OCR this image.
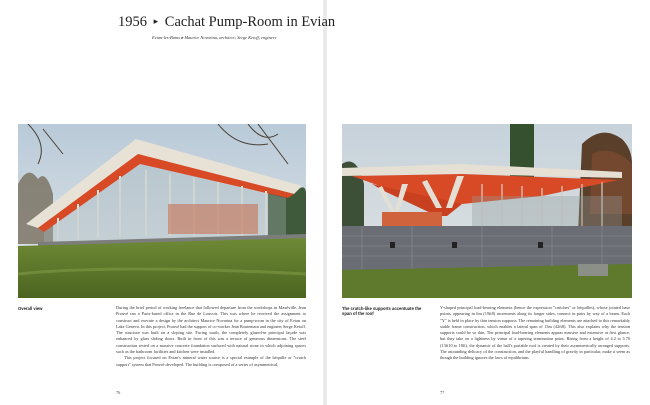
1956 ▸ Cachat Pump-Room in Evian
Evian-les-Bains ▸ Maurice Novarina, architect; Serge Ketoff, engineer
Overall view	The crutch-like supports accentuate the span of the roof

During the brief period of working freelance that followed departure from the workshops in Maxéville, Jean Prouvé ran a Paris-based office in the Rue de Louvois. This was where he received the assignment to construct and execute a design by the architect Maurice Novarina for a pump-room in the city of Evian on Lake Geneva. In this project, Prouvé had the support of co-worker Jean Boutemain and engineer Serge Ketoff. The structure was built on a sloping site. Facing south, the completely glazed-in principal façade was enhanced by glass sliding doors. Built in front of this was a terrace of generous dimensions. The steel construction rested on a massive concrete foundation surfaced with natural stone in which adjoining spaces such as the bathroom facilities and kitchen were installed.

This project focused on Evian's mineral water source is a special example of the béquille or "crutch support" system that Prouvé developed. The building is composed of a series of asymmetrical,

Y-shaped principal load-bearing elements (hence the expression "crutches" or béquilles), whose jointed base points, appearing in 6m (19ft8) increments along its longer sides, connect in pairs by way of a beam. Each "Y" is held in place by thin tension supports. The remaining building elements are attached to this remarkably stable frame construction, which enables a lateral span of 13m (42ft8). This also explains why the tension supports could be so thin. The principal load-bearing elements appear massive and extensive at first glance, but they take on a lightness by virtue of a tapering termination point. Rising from a height of 4.2 to 5.70 (13ft10 to 18ft), the dynamic of the hall's portable roof is created by their asymmetrically arranged supports. The astounding delicacy of the construction, and the playful handling of gravity in particular, make it seem as though the building ignores the laws of equilibrium.

76	77
